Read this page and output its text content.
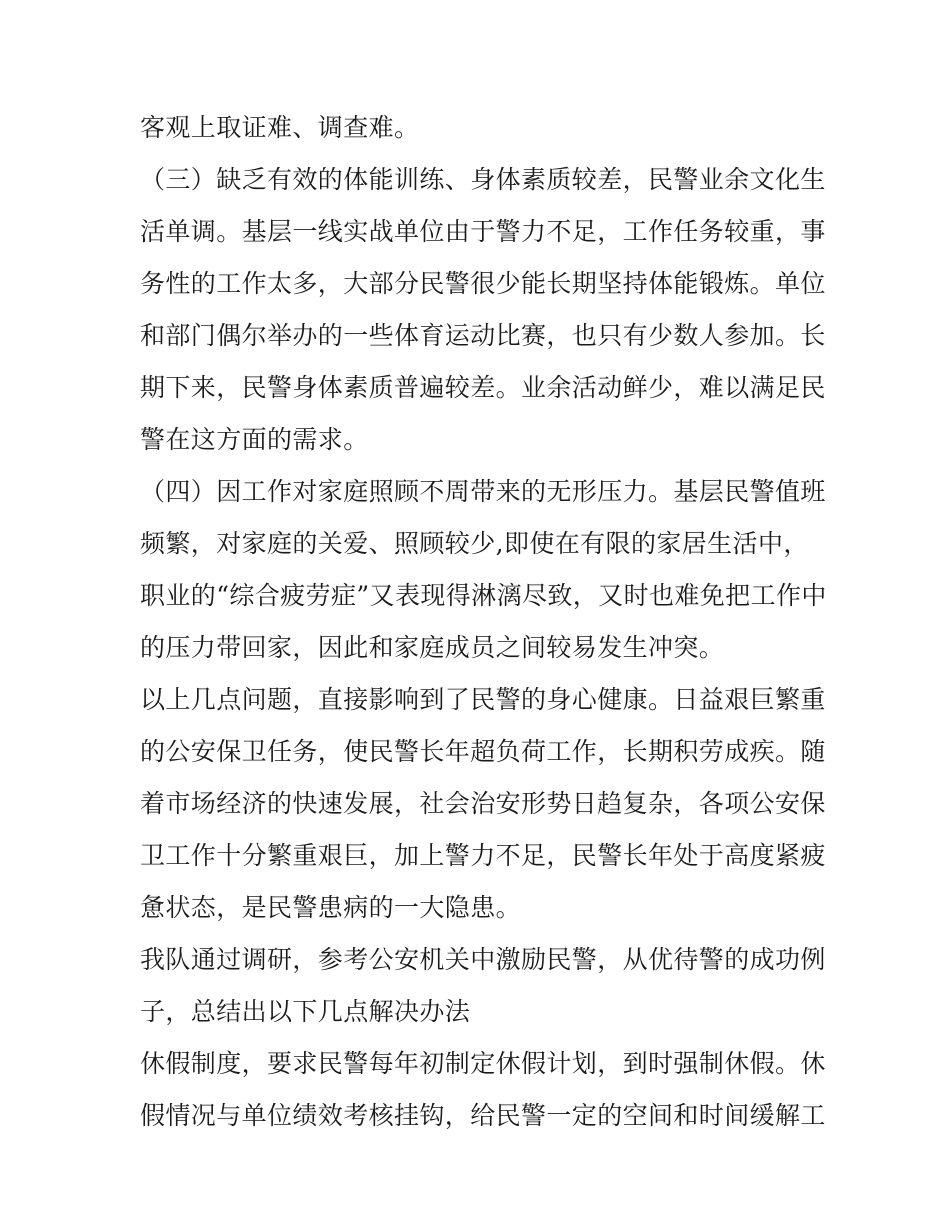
客观上取证难、调查难。
（三）缺乏有效的体能训练、身体素质较差，民警业余文化生
活单调。基层一线实战单位由于警力不足，工作任务较重，事
务性的工作太多，大部分民警很少能长期坚持体能锻炼。单位
和部门偶尔举办的一些体育运动比赛，也只有少数人参加。长
期下来，民警身体素质普遍较差。业余活动鲜少，难以满足民
警在这方面的需求。
（四）因工作对家庭照顾不周带来的无形压力。基层民警值班
频繁，对家庭的关爱、照顾较少,即使在有限的家居生活中，
职业的“综合疲劳症”又表现得淋漓尽致，又时也难免把工作中
的压力带回家，因此和家庭成员之间较易发生冲突。
以上几点问题，直接影响到了民警的身心健康。日益艰巨繁重
的公安保卫任务，使民警长年超负荷工作，长期积劳成疾。随
着市场经济的快速发展，社会治安形势日趋复杂，各项公安保
卫工作十分繁重艰巨，加上警力不足，民警长年处于高度紧疲
惫状态，是民警患病的一大隐患。
我队通过调研，参考公安机关中激励民警，从优待警的成功例
子，总结出以下几点解决办法
休假制度，要求民警每年初制定休假计划，到时强制休假。休
假情况与单位绩效考核挂钩，给民警一定的空间和时间缓解工
